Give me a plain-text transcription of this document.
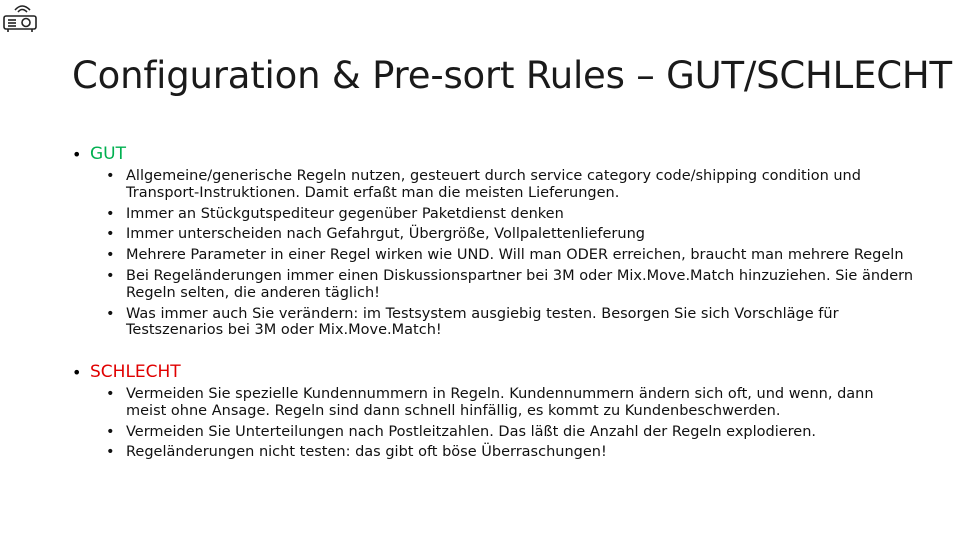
Configuration & Pre-sort Rules – GUT/SCHLECHT
• GUT
• Allgemeine/generische Regeln nutzen, gesteuert durch service category code/shipping condition und Transport-Instruktionen. Damit erfaßt man die meisten Lieferungen.
• Immer an Stückgutspediteur gegenüber Paketdienst denken
• Immer unterscheiden nach Gefahrgut, Übergröße, Vollpalettenlieferung
• Mehrere Parameter in einer Regel wirken wie UND. Will man ODER erreichen, braucht man mehrere Regeln
• Bei Regeländerungen immer einen Diskussionspartner bei 3M oder Mix.Move.Match hinzuziehen. Sie ändern Regeln selten, die anderen täglich!
• Was immer auch Sie verändern: im Testsystem ausgiebig testen. Besorgen Sie sich Vorschläge für Testszenarios bei 3M oder Mix.Move.Match!
• SCHLECHT
• Vermeiden Sie spezielle Kundennummern in Regeln. Kundennummern ändern sich oft, und wenn, dann meist ohne Ansage. Regeln sind dann schnell hinfällig, es kommt zu Kundenbeschwerden.
• Vermeiden Sie Unterteilungen nach Postleitzahlen. Das läßt die Anzahl der Regeln explodieren.
• Regeländerungen nicht testen: das gibt oft böse Überraschungen!
